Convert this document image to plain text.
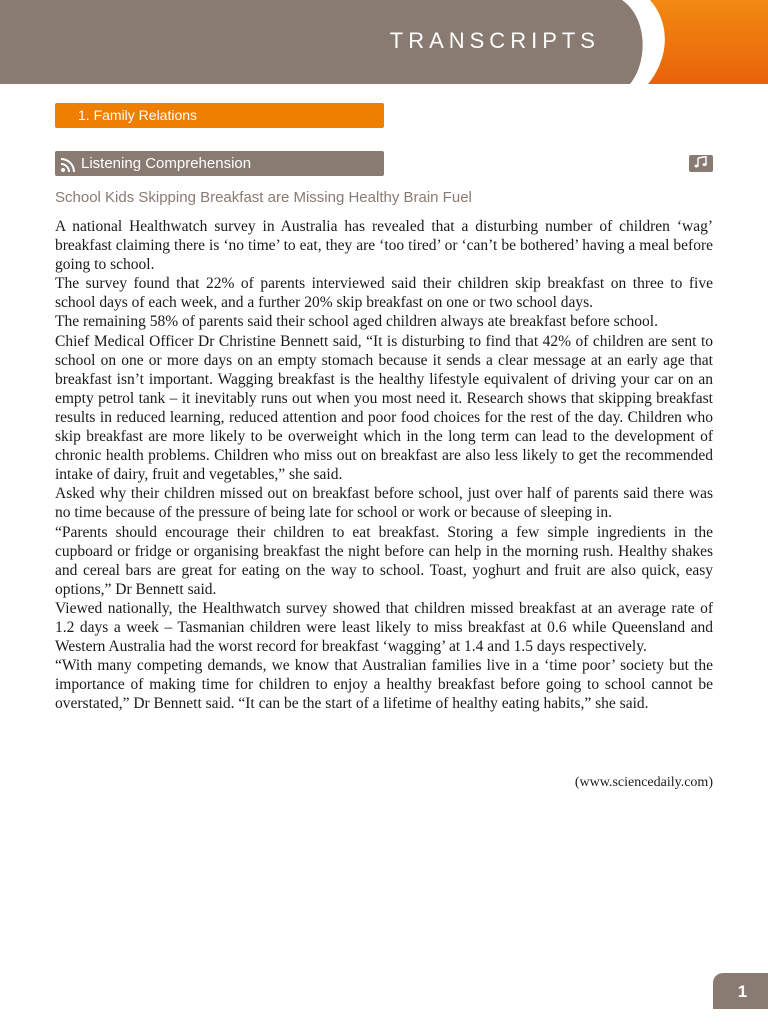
TRANSCRIPTS
1. Family Relations
Listening Comprehension
School Kids Skipping Breakfast are Missing Healthy Brain Fuel

A national Healthwatch survey in Australia has revealed that a disturbing number of children ‘wag’ breakfast claiming there is ‘no time’ to eat, they are ‘too tired’ or ‘can’t be bothered’ having a meal before going to school.

The survey found that 22% of parents interviewed said their children skip breakfast on three to five school days of each week, and a further 20% skip breakfast on one or two school days.

The remaining 58% of parents said their school aged children always ate breakfast before school.

Chief Medical Officer Dr Christine Bennett said, “It is disturbing to find that 42% of children are sent to school on one or more days on an empty stomach because it sends a clear message at an early age that breakfast isn’t important. Wagging breakfast is the healthy lifestyle equivalent of driving your car on an empty petrol tank – it inevitably runs out when you most need it. Research shows that skipping breakfast results in reduced learning, reduced attention and poor food choices for the rest of the day. Children who skip breakfast are more likely to be overweight which in the long term can lead to the development of chronic health problems. Children who miss out on breakfast are also less likely to get the recommended intake of dairy, fruit and vegetables,” she said.

Asked why their children missed out on breakfast before school, just over half of parents said there was no time because of the pressure of being late for school or work or because of sleeping in.

“Parents should encourage their children to eat breakfast. Storing a few simple ingredients in the cupboard or fridge or organising breakfast the night before can help in the morning rush. Healthy shakes and cereal bars are great for eating on the way to school. Toast, yoghurt and fruit are also quick, easy options,” Dr Bennett said.

Viewed nationally, the Healthwatch survey showed that children missed breakfast at an average rate of 1.2 days a week – Tasmanian children were least likely to miss breakfast at 0.6 while Queensland and Western Australia had the worst record for breakfast ‘wagging’ at 1.4 and 1.5 days respectively.

“With many competing demands, we know that Australian families live in a ‘time poor’ society but the importance of making time for children to enjoy a healthy breakfast before going to school cannot be overstated,” Dr Bennett said. “It can be the start of a lifetime of healthy eating habits,” she said.

(www.sciencedaily.com)
1
